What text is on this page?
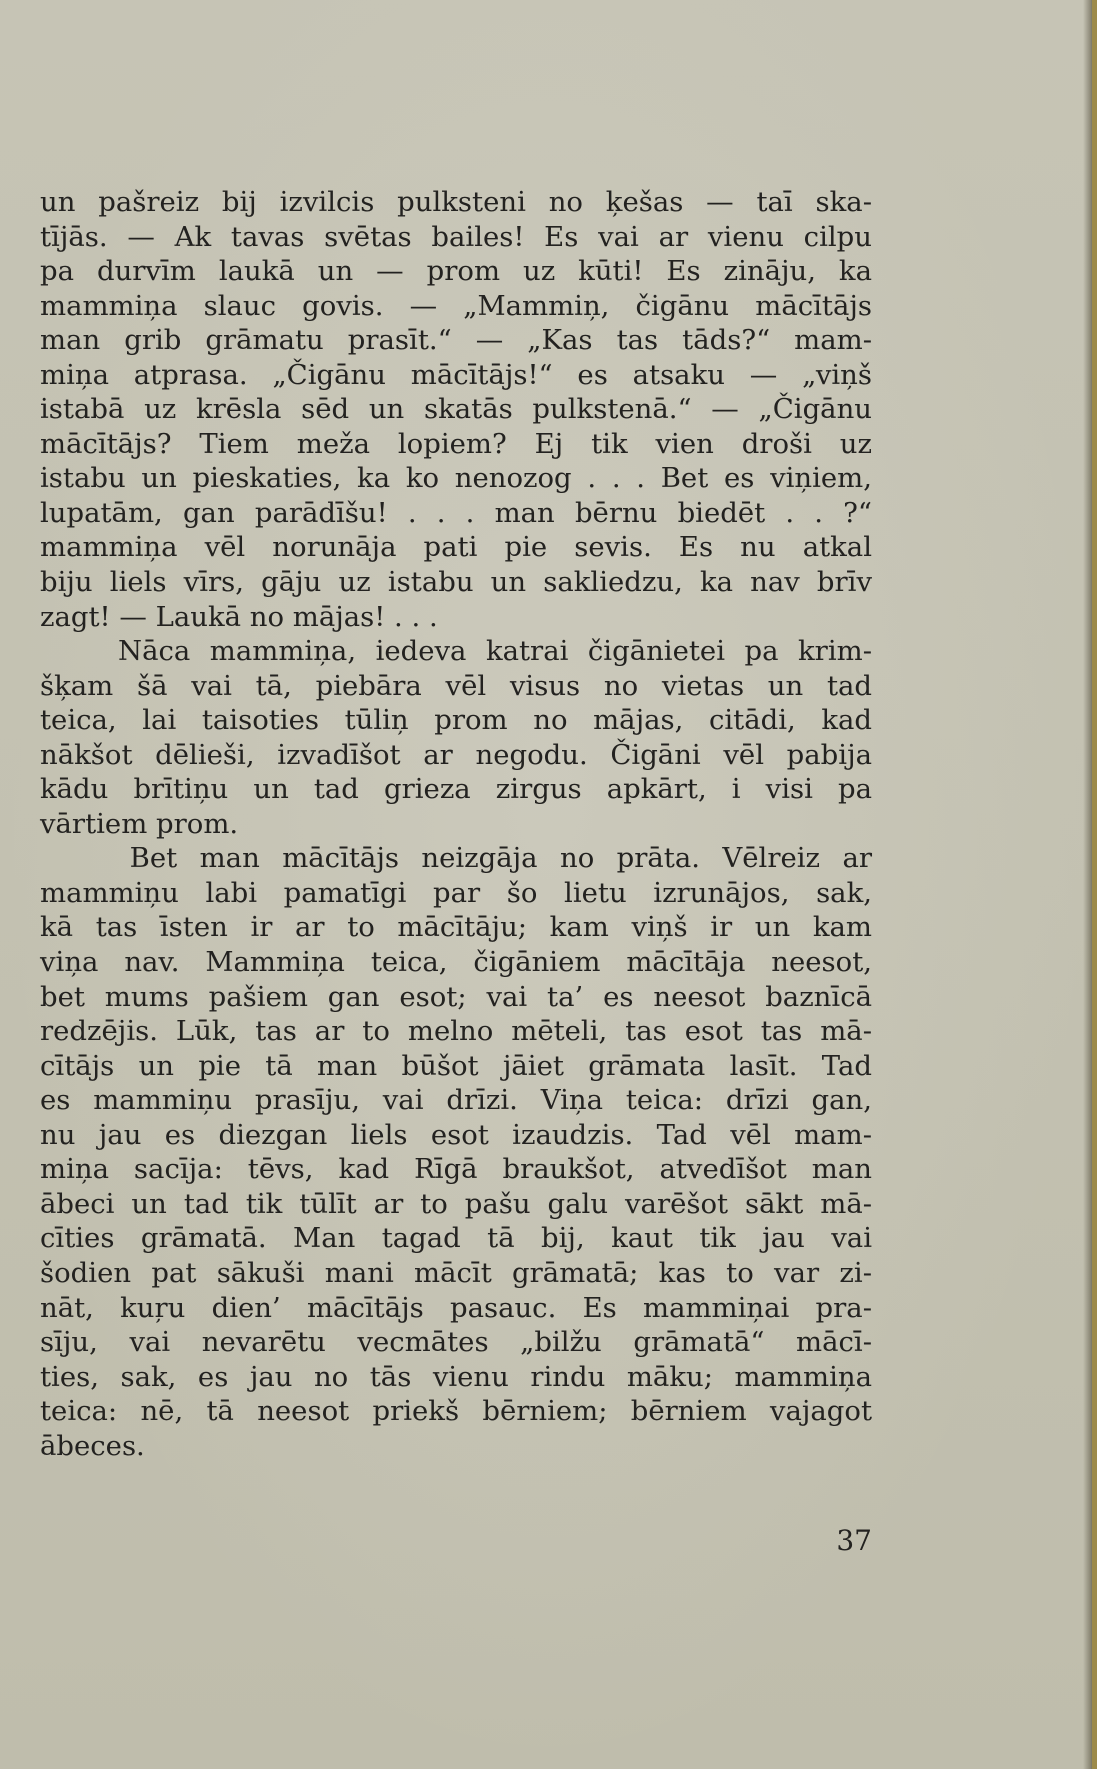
un pašreiz bij izvilcis pulksteni no ķešas — taī ska-
tījās. — Ak tavas svētas bailes! Es vai ar vienu cilpu
pa durvīm laukā un — prom uz kūti! Es zināju, ka
mammiņa slauc govis. — „Mammiņ, čigānu mācītājs
man grib grāmatu prasīt.“ — „Kas tas tāds?“ mam-
miņa atprasa. „Čigānu mācītājs!“ es atsaku — „viņš
istabā uz krēsla sēd un skatās pulkstenā.“ — „Čigānu
mācītājs? Tiem meža lopiem? Ej tik vien droši uz
istabu un pieskaties, ka ko nenozog . . . Bet es viņiem,
lupatām, gan parādīšu! . . . man bērnu biedēt . . ?“
mammiņa vēl norunāja pati pie sevis. Es nu atkal
biju liels vīrs, gāju uz istabu un sakliedzu, ka nav brīv
zagt! — Laukā no mājas! . . .
Nāca mammiņa, iedeva katrai čigānietei pa krim-
šķam šā vai tā, piebāra vēl visus no vietas un tad
teica, lai taisoties tūliņ prom no mājas, citādi, kad
nākšot dēlieši, izvadīšot ar negodu. Čigāni vēl pabija
kādu brītiņu un tad grieza zirgus apkārt, i visi pa
vārtiem prom.
Bet man mācītājs neizgāja no prāta. Vēlreiz ar
mammiņu labi pamatīgi par šo lietu izrunājos, sak,
kā tas īsten ir ar to mācītāju; kam viņš ir un kam
viņa nav. Mammiņa teica, čigāniem mācītāja neesot,
bet mums pašiem gan esot; vai ta’ es neesot baznīcā
redzējis. Lūk, tas ar to melno mēteli, tas esot tas mā-
cītājs un pie tā man būšot jāiet grāmata lasīt. Tad
es mammiņu prasīju, vai drīzi. Viņa teica: drīzi gan,
nu jau es diezgan liels esot izaudzis. Tad vēl mam-
miņa sacīja: tēvs, kad Rīgā braukšot, atvedīšot man
ābeci un tad tik tūlīt ar to pašu galu varēšot sākt mā-
cīties grāmatā. Man tagad tā bij, kaut tik jau vai
šodien pat sākuši mani mācīt grāmatā; kas to var zi-
nāt, kuŗu dien’ mācītājs pasauc. Es mammiņai pra-
sīju, vai nevarētu vecmātes „bilžu grāmatā“ mācī-
ties, sak, es jau no tās vienu rindu māku; mammiņa
teica: nē, tā neesot priekš bērniem; bērniem vajagot
ābeces.
37
